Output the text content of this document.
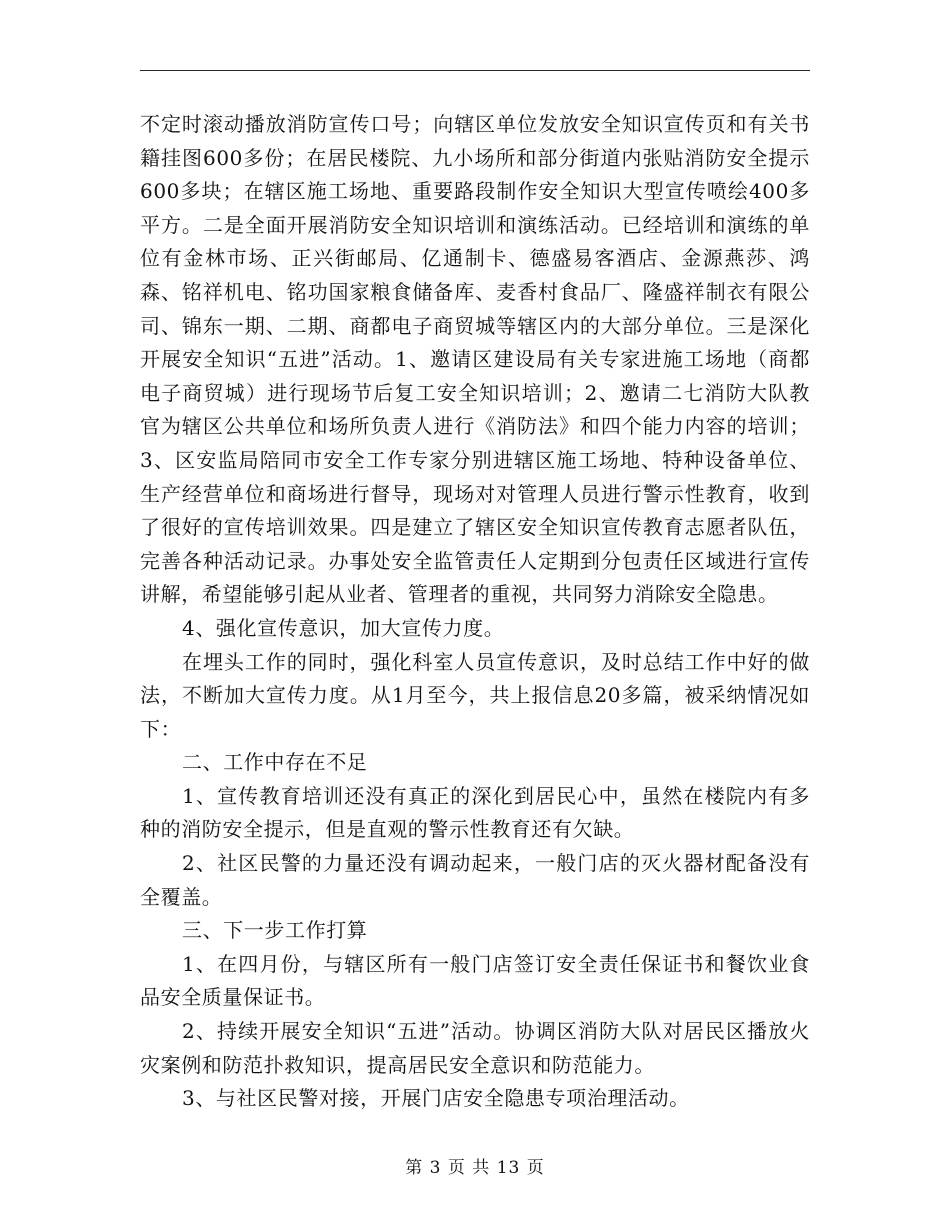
不定时滚动播放消防宣传口号；向辖区单位发放安全知识宣传页和有关书籍挂图600多份；在居民楼院、九小场所和部分街道内张贴消防安全提示600多块；在辖区施工场地、重要路段制作安全知识大型宣传喷绘400多平方。二是全面开展消防安全知识培训和演练活动。已经培训和演练的单位有金林市场、正兴街邮局、亿通制卡、德盛易客酒店、金源燕莎、鸿森、铭祥机电、铭功国家粮食储备库、麦香村食品厂、隆盛祥制衣有限公司、锦东一期、二期、商都电子商贸城等辖区内的大部分单位。三是深化开展安全知识“五进”活动。1、邀请区建设局有关专家进施工场地（商都电子商贸城）进行现场节后复工安全知识培训；2、邀请二七消防大队教官为辖区公共单位和场所负责人进行《消防法》和四个能力内容的培训；3、区安监局陪同市安全工作专家分别进辖区施工场地、特种设备单位、生产经营单位和商场进行督导，现场对对管理人员进行警示性教育，收到了很好的宣传培训效果。四是建立了辖区安全知识宣传教育志愿者队伍，完善各种活动记录。办事处安全监管责任人定期到分包责任区域进行宣传讲解，希望能够引起从业者、管理者的重视，共同努力消除安全隐患。

4、强化宣传意识，加大宣传力度。

在埋头工作的同时，强化科室人员宣传意识，及时总结工作中好的做法，不断加大宣传力度。从1月至今，共上报信息20多篇，被采纳情况如下：

二、工作中存在不足

1、宣传教育培训还没有真正的深化到居民心中，虽然在楼院内有多种的消防安全提示，但是直观的警示性教育还有欠缺。

2、社区民警的力量还没有调动起来，一般门店的灭火器材配备没有全覆盖。

三、下一步工作打算

1、在四月份，与辖区所有一般门店签订安全责任保证书和餐饮业食品安全质量保证书。

2、持续开展安全知识“五进”活动。协调区消防大队对居民区播放火灾案例和防范扑救知识，提高居民安全意识和防范能力。

3、与社区民警对接，开展门店安全隐患专项治理活动。

第 3 页 共 13 页
